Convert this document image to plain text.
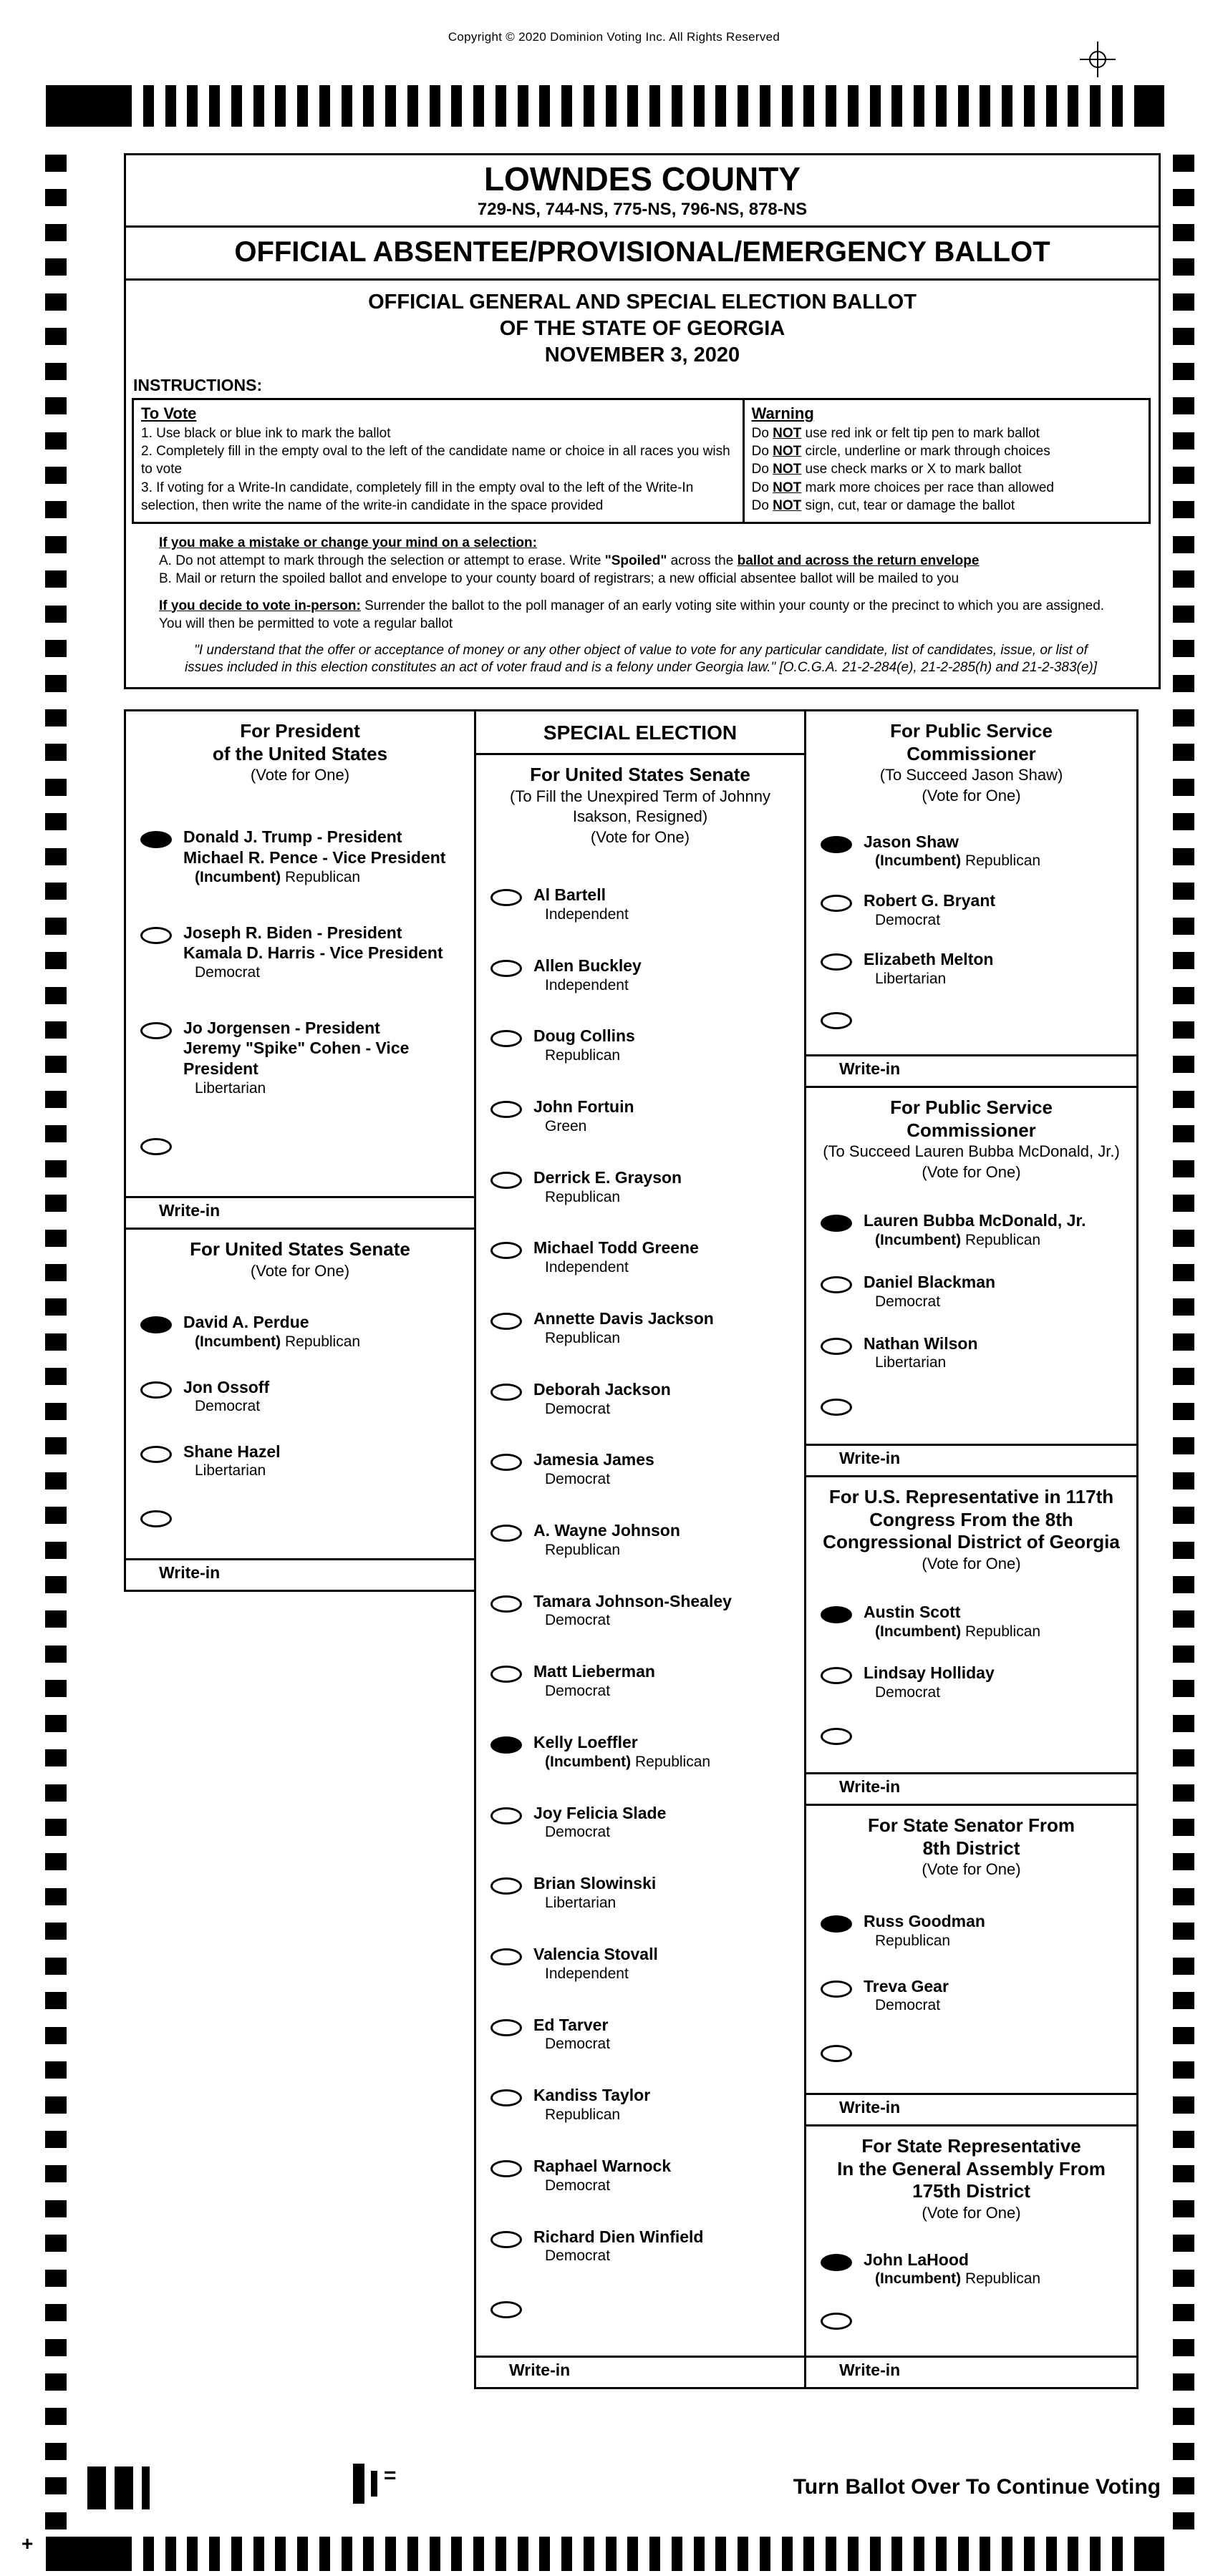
Copyright © 2020 Dominion Voting Inc. All Rights Reserved
LOWNDES COUNTY
729-NS, 744-NS, 775-NS, 796-NS, 878-NS
OFFICIAL ABSENTEE/PROVISIONAL/EMERGENCY BALLOT
OFFICIAL GENERAL AND SPECIAL ELECTION BALLOT
OF THE STATE OF GEORGIA
NOVEMBER 3, 2020
INSTRUCTIONS:
To Vote
1. Use black or blue ink to mark the ballot
2. Completely fill in the empty oval to the left of the candidate name or choice in all races you wish to vote
3. If voting for a Write-In candidate, completely fill in the empty oval to the left of the Write-In selection, then write the name of the write-in candidate in the space provided
Warning
Do NOT use red ink or felt tip pen to mark ballot
Do NOT circle, underline or mark through choices
Do NOT use check marks or X to mark ballot
Do NOT mark more choices per race than allowed
Do NOT sign, cut, tear or damage the ballot
If you make a mistake or change your mind on a selection:
A. Do not attempt to mark through the selection or attempt to erase. Write "Spoiled" across the ballot and across the return envelope
B. Mail or return the spoiled ballot and envelope to your county board of registrars; a new official absentee ballot will be mailed to you
If you decide to vote in-person: Surrender the ballot to the poll manager of an early voting site within your county or the precinct to which you are assigned. You will then be permitted to vote a regular ballot
"I understand that the offer or acceptance of money or any other object of value to vote for any particular candidate, list of candidates, issue, or list of issues included in this election constitutes an act of voter fraud and is a felony under Georgia law." [O.C.G.A. 21-2-284(e), 21-2-285(h) and 21-2-383(e)]
For President
of the United States
(Vote for One)
Donald J. Trump - President
Michael R. Pence - Vice President
(Incumbent) Republican
Joseph R. Biden - President
Kamala D. Harris - Vice President
Democrat
Jo Jorgensen - President
Jeremy "Spike" Cohen - Vice President
Libertarian
Write-in
For United States Senate
(Vote for One)
David A. Perdue
(Incumbent) Republican
Jon Ossoff
Democrat
Shane Hazel
Libertarian
Write-in
SPECIAL ELECTION
For United States Senate
(To Fill the Unexpired Term of Johnny
Isakson, Resigned)
(Vote for One)
Al Bartell
Independent
Allen Buckley
Independent
Doug Collins
Republican
John Fortuin
Green
Derrick E. Grayson
Republican
Michael Todd Greene
Independent
Annette Davis Jackson
Republican
Deborah Jackson
Democrat
Jamesia James
Democrat
A. Wayne Johnson
Republican
Tamara Johnson-Shealey
Democrat
Matt Lieberman
Democrat
Kelly Loeffler
(Incumbent) Republican
Joy Felicia Slade
Democrat
Brian Slowinski
Libertarian
Valencia Stovall
Independent
Ed Tarver
Democrat
Kandiss Taylor
Republican
Raphael Warnock
Democrat
Richard Dien Winfield
Democrat
Write-in
For Public Service
Commissioner
(To Succeed Jason Shaw)
(Vote for One)
Jason Shaw
(Incumbent) Republican
Robert G. Bryant
Democrat
Elizabeth Melton
Libertarian
Write-in
For Public Service
Commissioner
(To Succeed Lauren Bubba McDonald, Jr.)
(Vote for One)
Lauren Bubba McDonald, Jr.
(Incumbent) Republican
Daniel Blackman
Democrat
Nathan Wilson
Libertarian
Write-in
For U.S. Representative in 117th
Congress From the 8th
Congressional District of Georgia
(Vote for One)
Austin Scott
(Incumbent) Republican
Lindsay Holliday
Democrat
Write-in
For State Senator From
8th District
(Vote for One)
Russ Goodman
Republican
Treva Gear
Democrat
Write-in
For State Representative
In the General Assembly From
175th District
(Vote for One)
John LaHood
(Incumbent) Republican
Write-in
Turn Ballot Over To Continue Voting
+
=
